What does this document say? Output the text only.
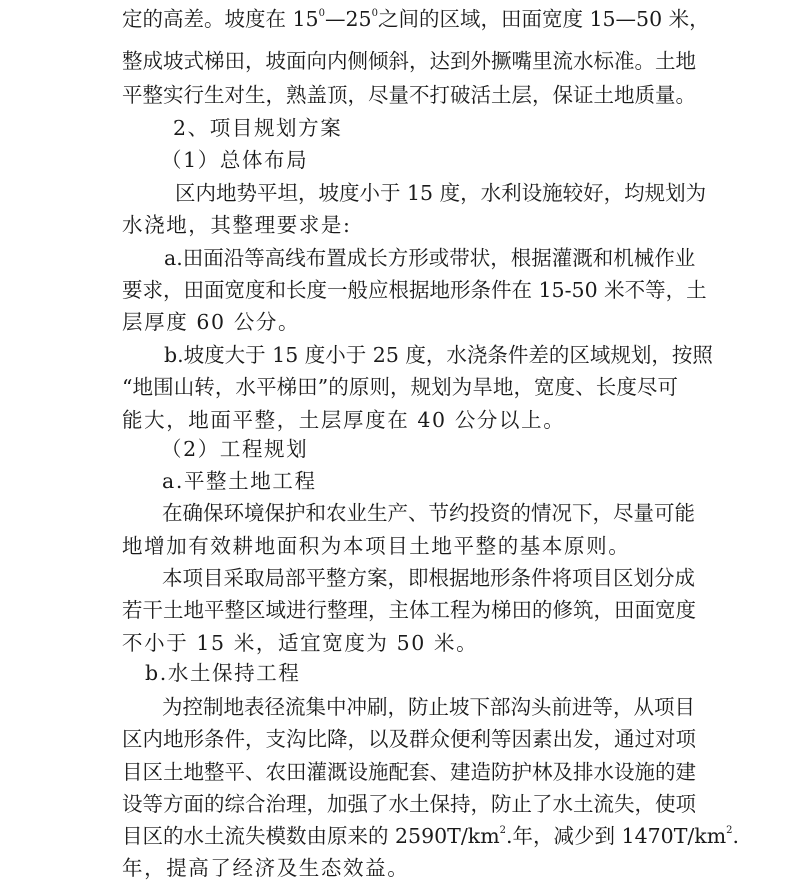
定的高差。坡度在 $15^0—25^0$之间的区域，田面宽度 15—50 米，
整成坡式梯田，坡面向内侧倾斜，达到外撅嘴里流水标准。土地
平整实行生对生，熟盖顶，尽量不打破活土层，保证土地质量。
2、项目规划方案
（1）总体布局
区内地势平坦，坡度小于 15 度，水利设施较好，均规划为
水浇地，其整理要求是:
a.田面沿等高线布置成长方形或带状，根据灌溉和机械作业
要求，田面宽度和长度一般应根据地形条件在 15-50 米不等，土
层厚度 60 公分。
b.坡度大于 15 度小于 25 度，水浇条件差的区域规划，按照
“地围山转，水平梯田”的原则，规划为旱地，宽度、长度尽可
能大，地面平整，土层厚度在 40 公分以上。
（2）工程规划
a.平整土地工程
在确保环境保护和农业生产、节约投资的情况下，尽量可能
地增加有效耕地面积为本项目土地平整的基本原则。
本项目采取局部平整方案，即根据地形条件将项目区划分成
若干土地平整区域进行整理，主体工程为梯田的修筑，田面宽度
不小于 15 米，适宜宽度为 50 米。
b.水土保持工程
为控制地表径流集中冲刷，防止坡下部沟头前进等，从项目
区内地形条件，支沟比降，以及群众便利等因素出发，通过对项
目区土地整平、农田灌溉设施配套、建造防护林及排水设施的建
设等方面的综合治理，加强了水土保持，防止了水土流失，使项
目区的水土流失模数由原来的 $2590T/km^2$.年，减少到 $1470T/km^2$.
年，提高了经济及生态效益。
